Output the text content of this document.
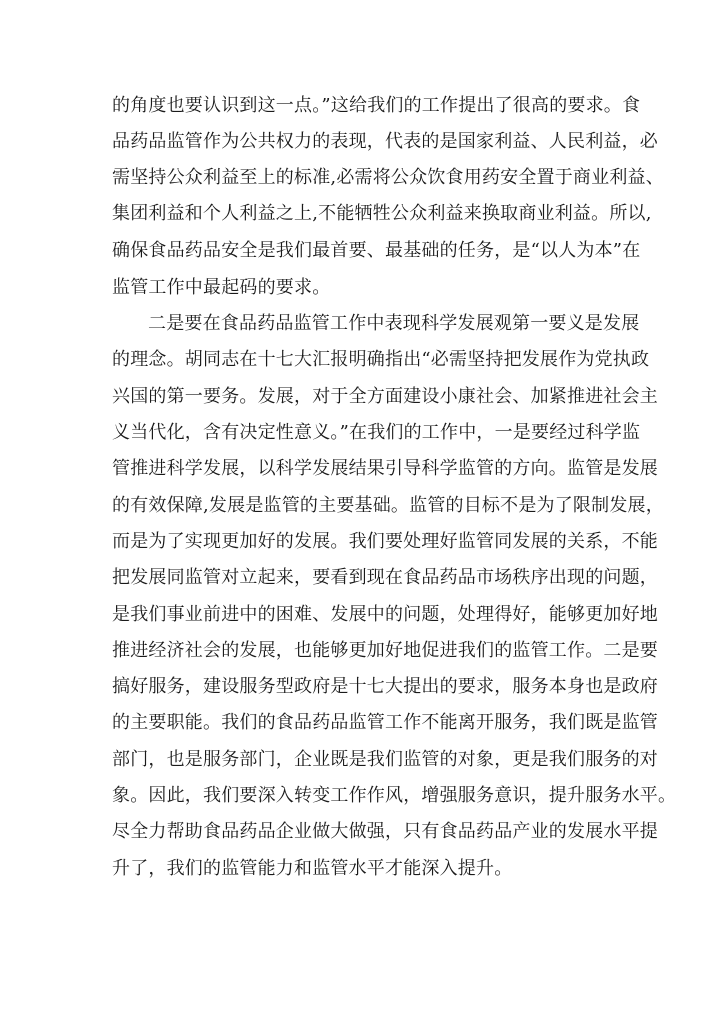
的角度也要认识到这一点。”这给我们的工作提出了很高的要求。食
品药品监管作为公共权力的表现，代表的是国家利益、人民利益，必
需坚持公众利益至上的标准,必需将公众饮食用药安全置于商业利益、
集团利益和个人利益之上,不能牺牲公众利益来换取商业利益。所以,
确保食品药品安全是我们最首要、最基础的任务，是“以人为本”在
监管工作中最起码的要求。
二是要在食品药品监管工作中表现科学发展观第一要义是发展
的理念。胡同志在十七大汇报明确指出“必需坚持把发展作为党执政
兴国的第一要务。发展，对于全方面建设小康社会、加紧推进社会主
义当代化，含有决定性意义。”在我们的工作中，一是要经过科学监
管推进科学发展，以科学发展结果引导科学监管的方向。监管是发展
的有效保障,发展是监管的主要基础。监管的目标不是为了限制发展，
而是为了实现更加好的发展。我们要处理好监管同发展的关系，不能
把发展同监管对立起来，要看到现在食品药品市场秩序出现的问题，
是我们事业前进中的困难、发展中的问题，处理得好，能够更加好地
推进经济社会的发展，也能够更加好地促进我们的监管工作。二是要
搞好服务，建设服务型政府是十七大提出的要求，服务本身也是政府
的主要职能。我们的食品药品监管工作不能离开服务，我们既是监管
部门，也是服务部门，企业既是我们监管的对象，更是我们服务的对
象。因此，我们要深入转变工作作风，增强服务意识，提升服务水平。
尽全力帮助食品药品企业做大做强，只有食品药品产业的发展水平提
升了，我们的监管能力和监管水平才能深入提升。
